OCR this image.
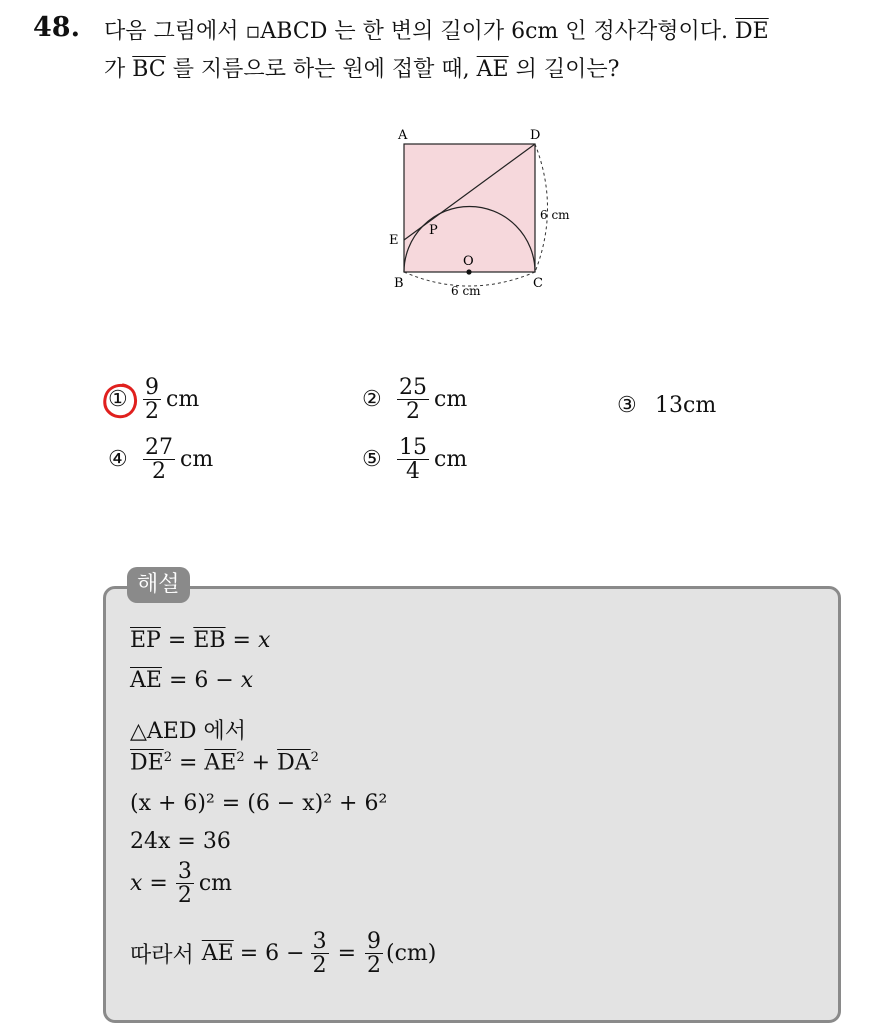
48. 다음 그림에서 ▫ABCD 는 한 변의 길이가 6cm 인 정사각형이다. $\overline{DE}$
가 $\overline{BC}$ 를 지름으로 하는 원에 접할 때, $\overline{AE}$ 의 길이는?
A	D
E
P
O
B	C
6 cm
6 cm
① $\frac{9}{2}$ cm	② $\frac{25}{2}$ cm	③ 13cm
④ $\frac{27}{2}$ cm	⑤ $\frac{15}{4}$ cm
해설
$\overline{EP} = \overline{EB} = x$
$\overline{AE} = 6 - x$
△AED 에서
$\overline{DE}^2 = \overline{AE}^2 + \overline{DA}^2$
(x + 6)² = (6 − x)² + 6²
24x = 36
$x = \frac{3}{2}$ cm
따라서 $\overline{AE} = 6 - \frac{3}{2} = \frac{9}{2} (cm)$
